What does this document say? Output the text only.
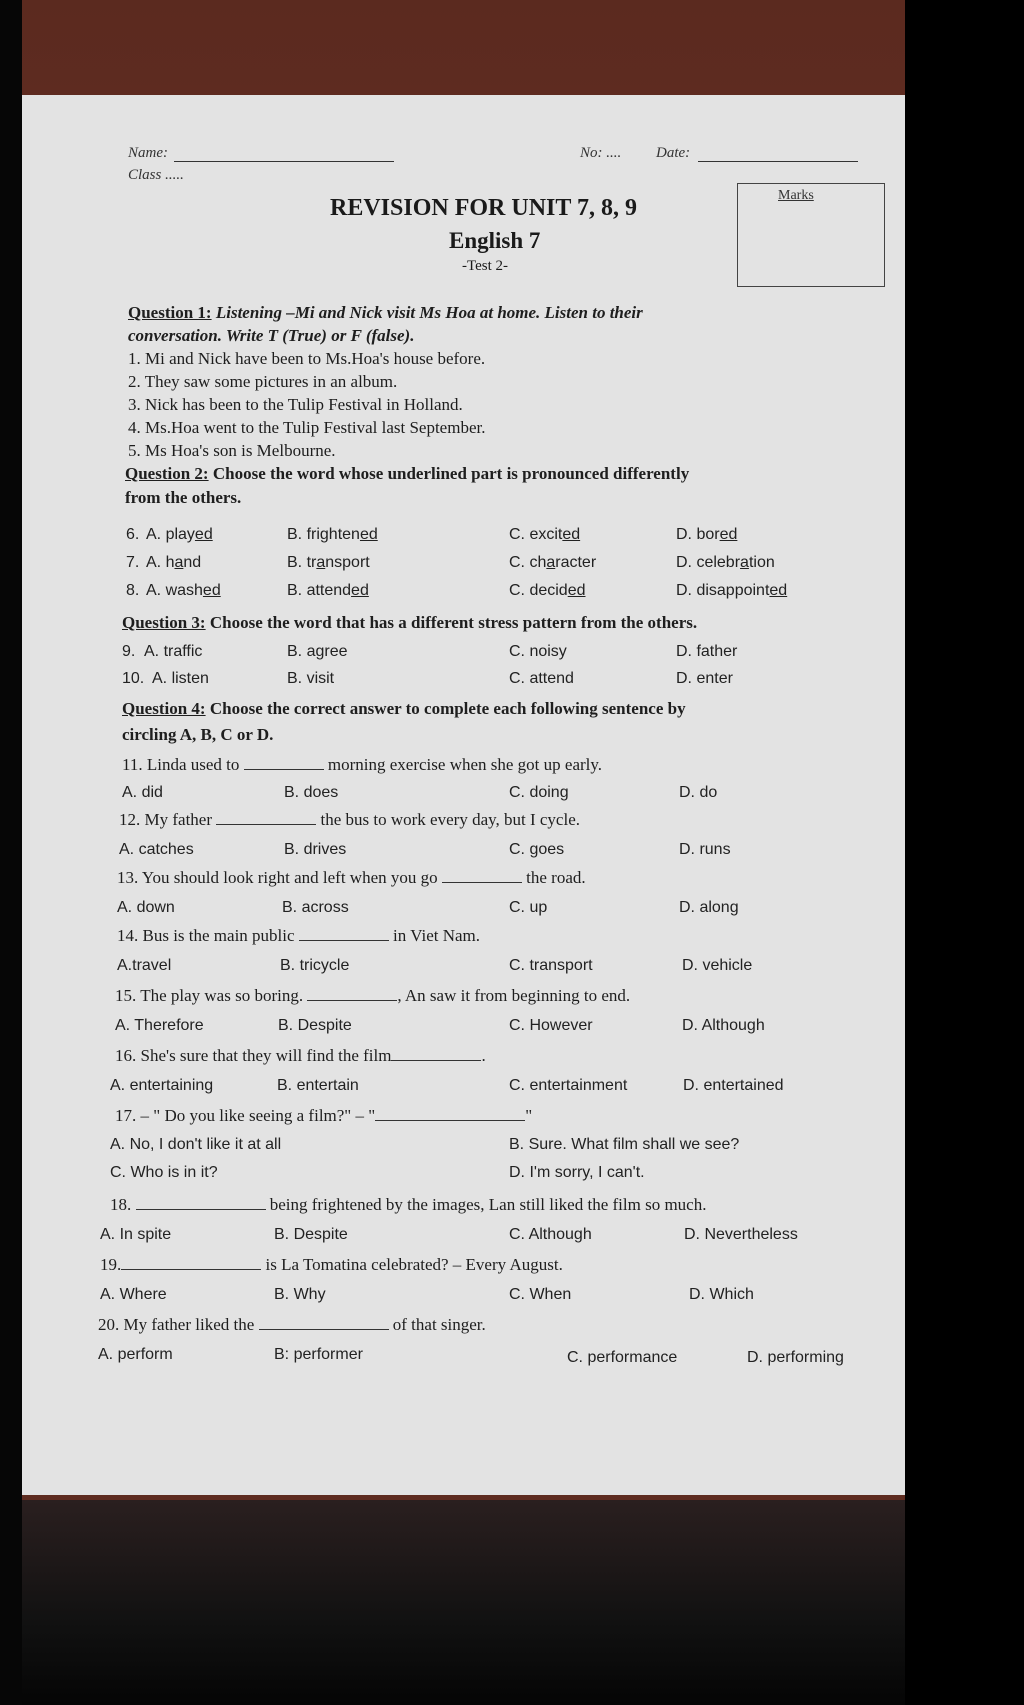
Name:	No: .... Date:
Class .....
REVISION FOR UNIT 7, 8, 9
English 7
-Test 2-
Marks
Question 1: Listening –Mi and Nick visit Ms Hoa at home. Listen to their
conversation. Write T (True) or F (false).
1. Mi and Nick have been to Ms.Hoa's house before.
2. They saw some pictures in an album.
3. Nick has been to the Tulip Festival in Holland.
4. Ms.Hoa went to the Tulip Festival last September.
5. Ms Hoa's son is Melbourne.
Question 2: Choose the word whose underlined part is pronounced differently
from the others.
6. A. played	B. frightened	C. excited	D. bored
7. A. hand	B. transport	C. character	D. celebration
8. A. washed	B. attended	C. decided	D. disappointed
Question 3: Choose the word that has a different stress pattern from the others.
9. A. traffic	B. agree	C. noisy	D. father
10. A. listen	B. visit	C. attend	D. enter
Question 4: Choose the correct answer to complete each following sentence by
circling A, B, C or D.
11. Linda used to	morning exercise when she got up early.
A. did	B. does	C. doing	D. do
12. My father	the bus to work every day, but I cycle.
A. catches	B. drives	C. goes	D. runs
13. You should look right and left when you go	the road.
A. down	B. across	C. up	D. along
14. Bus is the main public	in Viet Nam.
A.travel	B. tricycle	C. transport	D. vehicle
15. The play was so boring.	, An saw it from beginning to end.
A. Therefore	B. Despite	C. However	D. Although
16. She's sure that they will find the film	.
A. entertaining	B. entertain	C. entertainment	D. entertained
17. – " Do you like seeing a film?" – "	"
A. No, I don't like it at all	B. Sure. What film shall we see?
C. Who is in it?	D. I'm sorry, I can't.
18.	being frightened by the images, Lan still liked the film so much.
A. In spite	B. Despite	C. Although	D. Nevertheless
19.	is La Tomatina celebrated? – Every August.
A. Where	B. Why	C. When	D. Which
20. My father liked the	of that singer.
A. perform	B: performer	C. performance	D. performing
